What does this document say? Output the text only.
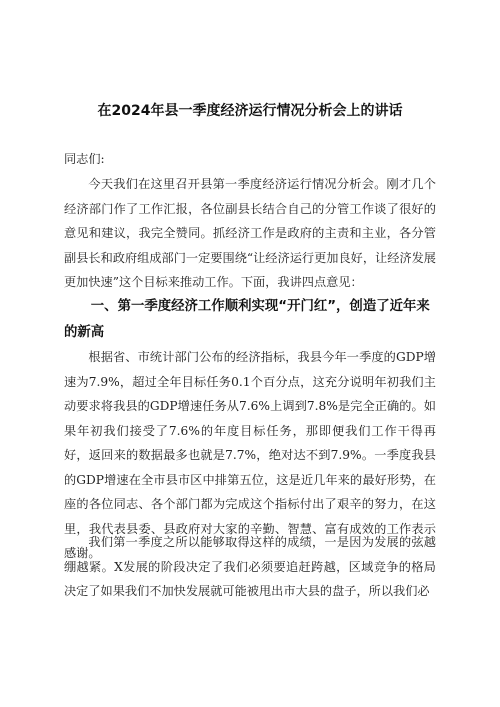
在2024年县一季度经济运行情况分析会上的讲话

同志们:

今天我们在这里召开县第一季度经济运行情况分析会。刚才几个经济部门作了工作汇报，各位副县长结合自己的分管工作谈了很好的意见和建议，我完全赞同。抓经济工作是政府的主责和主业，各分管副县长和政府组成部门一定要围绕“让经济运行更加良好，让经济发展更加快速”这个目标来推动工作。下面，我讲四点意见：

一、第一季度经济工作顺利实现“开门红”，创造了近年来的新高

根据省、市统计部门公布的经济指标，我县今年一季度的GDP增速为7.9%，超过全年目标任务0.1个百分点，这充分说明年初我们主动要求将我县的GDP增速任务从7.6%上调到7.8%是完全正确的。如果年初我们接受了7.6%的年度目标任务，那即便我们工作干得再好，返回来的数据最多也就是7.7%，绝对达不到7.9%。一季度我县的GDP增速在全市县市区中排第五位，这是近几年来的最好形势，在座的各位同志、各个部门都为完成这个指标付出了艰辛的努力，在这里，我代表县委、县政府对大家的辛勤、智慧、富有成效的工作表示感谢。

我们第一季度之所以能够取得这样的成绩，一是因为发展的弦越绷越紧。X发展的阶段决定了我们必须要追赶跨越，区域竞争的格局决定了如果我们不加快发展就可能被甩出市大县的盘子，所以我们必
